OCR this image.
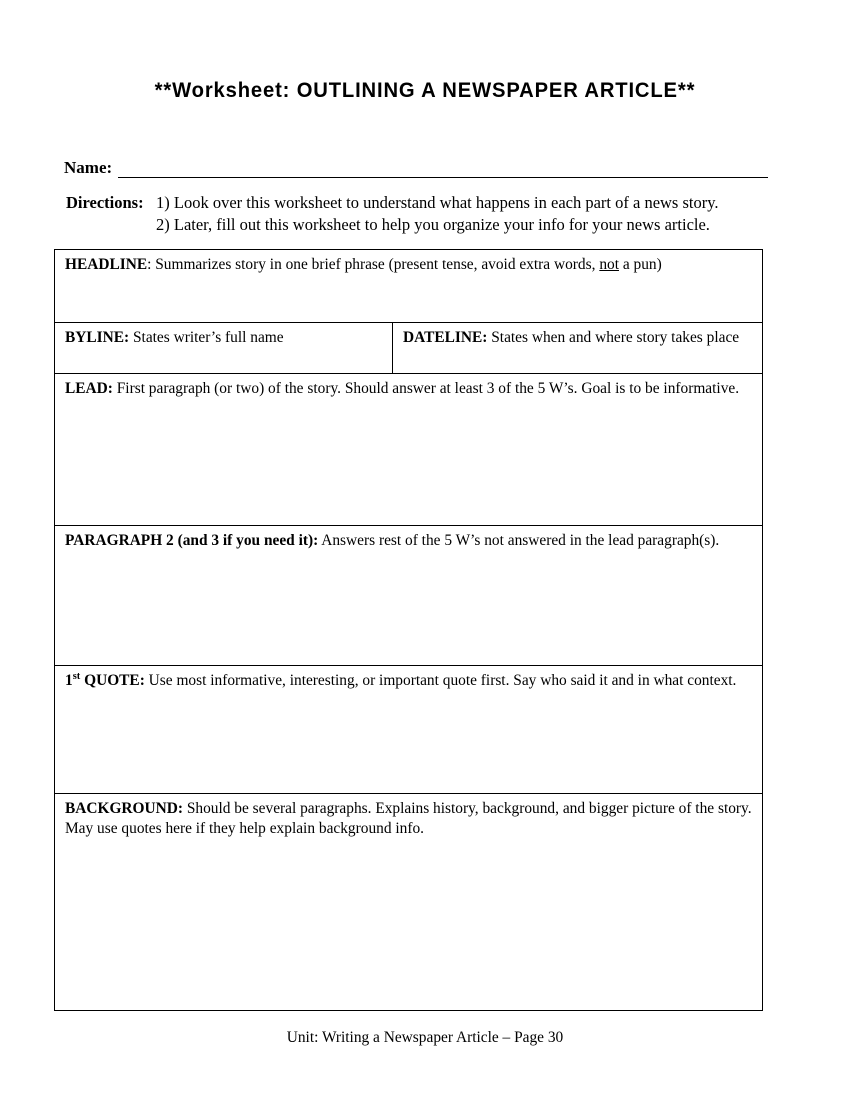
**Worksheet: OUTLINING A NEWSPAPER ARTICLE**
Name:
Directions: 1) Look over this worksheet to understand what happens in each part of a news story.
2) Later, fill out this worksheet to help you organize your info for your news article.
HEADLINE: Summarizes story in one brief phrase (present tense, avoid extra words, not a pun)
BYLINE: States writer’s full name	DATELINE: States when and where story takes place
LEAD: First paragraph (or two) of the story. Should answer at least 3 of the 5 W’s. Goal is to be informative.
PARAGRAPH 2 (and 3 if you need it): Answers rest of the 5 W’s not answered in the lead paragraph(s).
1st QUOTE: Use most informative, interesting, or important quote first. Say who said it and in what context.
BACKGROUND: Should be several paragraphs. Explains history, background, and bigger picture of the story.
May use quotes here if they help explain background info.
Unit: Writing a Newspaper Article – Page 30
